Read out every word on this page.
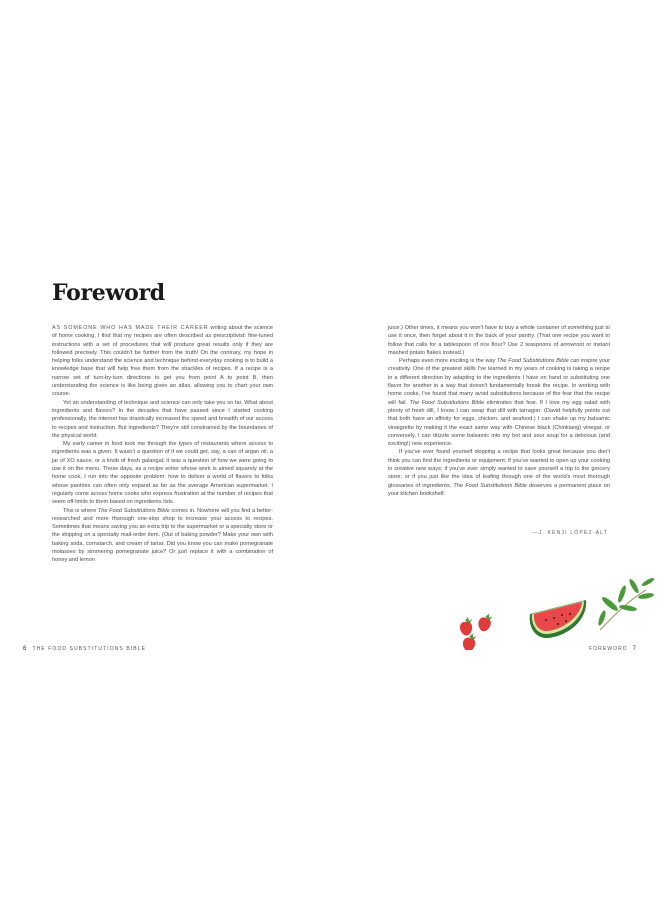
Foreword

AS SOMEONE WHO HAS MADE THEIR CAREER writing about the science of home cooking, I find that my recipes are often described as prescriptivist: fine-tuned instructions with a set of procedures that will produce great results only if they are followed precisely. This couldn't be further from the truth! On the contrary, my hope in helping folks understand the science and technique behind everyday cooking is to build a knowledge base that will help free them from the shackles of recipes. If a recipe is a narrow set of turn-by-turn directions to get you from point A to point B, then understanding the science is like being given an atlas, allowing you to chart your own course.

Yet an understanding of technique and science can only take you so far. What about ingredients and flavors? In the decades that have passed since I started cooking professionally, the internet has drastically increased the speed and breadth of our access to recipes and instruction. But ingredients? They're still constrained by the boundaries of the physical world.

My early career in food took me through the types of restaurants where access to ingredients was a given. It wasn't a question of if we could get, say, a can of argan oil, a jar of XO sauce, or a knob of fresh galangal; it was a question of how we were going to use it on the menu. These days, as a recipe writer whose work is aimed squarely at the home cook, I run into the opposite problem: how to deliver a world of flavors to folks whose pantries can often only expand as far as the average American supermarket. I regularly come across home cooks who express frustration at the number of recipes that seem off-limits to them based on ingredients lists.

This is where The Food Substitutions Bible comes in. Nowhere will you find a better-researched and more thorough one-stop shop to increase your access to recipes. Sometimes that means saving you an extra trip to the supermarket or a specialty store or the shipping on a specialty mail-order item. (Out of baking powder? Make your own with baking soda, cornstarch, and cream of tartar. Did you know you can make pomegranate molasses by simmering pomegranate juice? Or just replace it with a combination of honey and lemon

6 THE FOOD SUBSTITUTIONS BIBLE

juice.) Other times, it means you won't have to buy a whole container of something just to use it once, then forget about it in the back of your pantry. (That one recipe you want to follow that calls for a tablespoon of rice flour? Use 2 teaspoons of arrowroot or instant mashed potato flakes instead.)

Perhaps even more exciting is the way The Food Substitutions Bible can inspire your creativity. One of the greatest skills I've learned in my years of cooking is taking a recipe in a different direction by adapting to the ingredients I have on hand or substituting one flavor for another in a way that doesn't fundamentally break the recipe. In working with home cooks, I've found that many avoid substitutions because of the fear that the recipe will fail. The Food Substitutions Bible eliminates that fear. If I love my egg salad with plenty of fresh dill, I know I can swap that dill with tarragon. (David helpfully points out that both have an affinity for eggs, chicken, and seafood.) I can shake up my balsamic vinaigrette by making it the exact same way with Chinese black (Chinkiang) vinegar, or conversely, I can drizzle some balsamic into my hot and sour soup for a delicious (and exciting!) new experience.

If you've ever found yourself skipping a recipe that looks great because you don't think you can find the ingredients or equipment; if you've wanted to open up your cooking in creative new ways; if you've ever simply wanted to save yourself a trip to the grocery store; or if you just like the idea of leafing through one of the world's most thorough glossaries of ingredients, The Food Substitutions Bible deserves a permanent place on your kitchen bookshelf.

—J. KENJI LÓPEZ-ALT
FOREWORD 7
